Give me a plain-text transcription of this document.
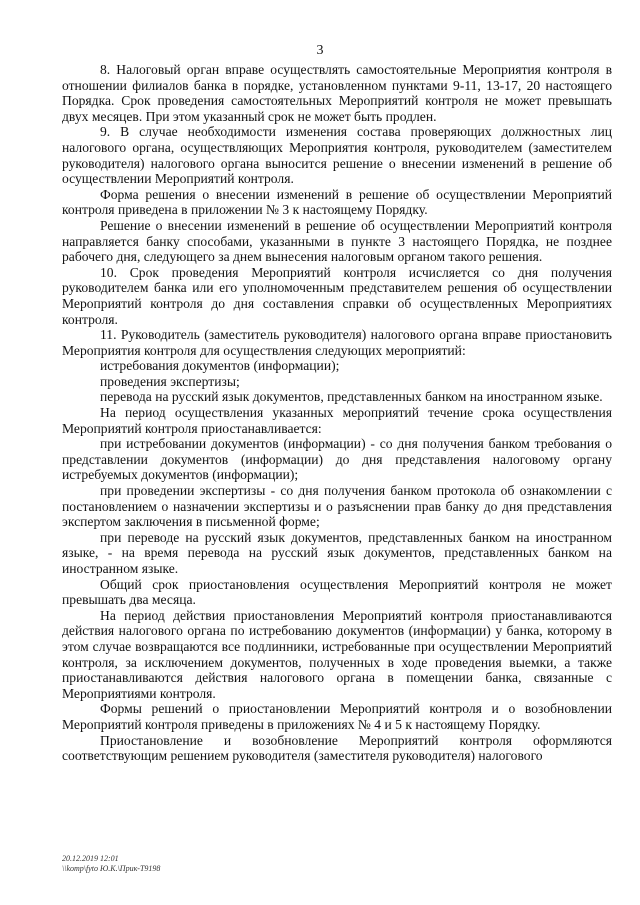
3

8. Налоговый орган вправе осуществлять самостоятельные Мероприятия контроля в отношении филиалов банка в порядке, установленном пунктами 9-11, 13-17, 20 настоящего Порядка. Срок проведения самостоятельных Мероприятий контроля не может превышать двух месяцев. При этом указанный срок не может быть продлен.

9. В случае необходимости изменения состава проверяющих должностных лиц налогового органа, осуществляющих Мероприятия контроля, руководителем (заместителем руководителя) налогового органа выносится решение о внесении изменений в решение об осуществлении Мероприятий контроля.

Форма решения о внесении изменений в решение об осуществлении Мероприятий контроля приведена в приложении № 3 к настоящему Порядку.

Решение о внесении изменений в решение об осуществлении Мероприятий контроля направляется банку способами, указанными в пункте 3 настоящего Порядка, не позднее рабочего дня, следующего за днем вынесения налоговым органом такого решения.

10. Срок проведения Мероприятий контроля исчисляется со дня получения руководителем банка или его уполномоченным представителем решения об осуществлении Мероприятий контроля до дня составления справки об осуществленных Мероприятиях контроля.

11. Руководитель (заместитель руководителя) налогового органа вправе приостановить Мероприятия контроля для осуществления следующих мероприятий:

истребования документов (информации);

проведения экспертизы;

перевода на русский язык документов, представленных банком на иностранном языке.

На период осуществления указанных мероприятий течение срока осуществления Мероприятий контроля приостанавливается:

при истребовании документов (информации) - со дня получения банком требования о представлении документов (информации) до дня представления налоговому органу истребуемых документов (информации);

при проведении экспертизы - со дня получения банком протокола об ознакомлении с постановлением о назначении экспертизы и о разъяснении прав банку до дня представления экспертом заключения в письменной форме;

при переводе на русский язык документов, представленных банком на иностранном языке, - на время перевода на русский язык документов, представленных банком на иностранном языке.

Общий срок приостановления осуществления Мероприятий контроля не может превышать два месяца.

На период действия приостановления Мероприятий контроля приостанавливаются действия налогового органа по истребованию документов (информации) у банка, которому в этом случае возвращаются все подлинники, истребованные при осуществлении Мероприятий контроля, за исключением документов, полученных в ходе проведения выемки, а также приостанавливаются действия налогового органа в помещении банка, связанные с Мероприятиями контроля.

Формы решений о приостановлении Мероприятий контроля и о возобновлении Мероприятий контроля приведены в приложениях № 4 и 5 к настоящему Порядку.

Приостановление и возобновление Мероприятий контроля оформляются соответствующим решением руководителя (заместителя руководителя) налогового

20.12.2019 12:01
\\komp\fyto Ю.К.\Прик-Т9198
